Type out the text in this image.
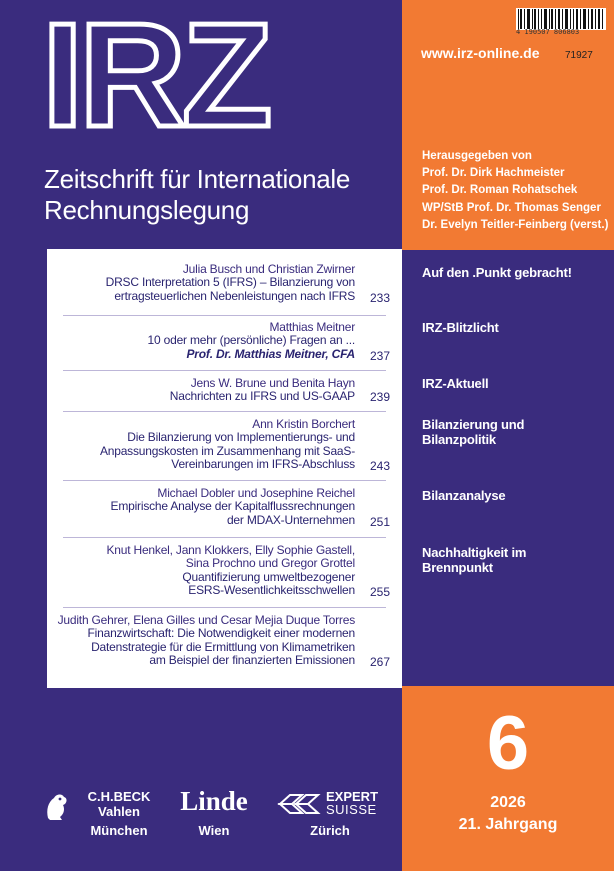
IRZ
Zeitschrift für Internationale
Rechnungslegung
4 190507 806803
www.irz-online.de	71927
Herausgegeben von
Prof. Dr. Dirk Hachmeister
Prof. Dr. Roman Rohatschek
WP/StB Prof. Dr. Thomas Senger
Dr. Evelyn Teitler-Feinberg (verst.)
Julia Busch und Christian Zwirner
DRSC Interpretation 5 (IFRS) – Bilanzierung von
ertragsteuerlichen Nebenleistungen nach IFRS 233
Matthias Meitner
10 oder mehr (persönliche) Fragen an ...
Prof. Dr. Matthias Meitner, CFA 237
Jens W. Brune und Benita Hayn
Nachrichten zu IFRS und US-GAAP 239
Ann Kristin Borchert
Die Bilanzierung von Implementierungs- und
Anpassungskosten im Zusammenhang mit SaaS-
Vereinbarungen im IFRS-Abschluss 243
Michael Dobler und Josephine Reichel
Empirische Analyse der Kapitalflussrechnungen
der MDAX-Unternehmen 251
Knut Henkel, Jann Klokkers, Elly Sophie Gastell,
Sina Prochno und Gregor Grottel
Quantifizierung umweltbezogener
ESRS-Wesentlichkeitsschwellen 255
Judith Gehrer, Elena Gilles und Cesar Mejia Duque Torres
Finanzwirtschaft: Die Notwendigkeit einer modernen
Datenstrategie für die Ermittlung von Klimametriken
am Beispiel der finanzierten Emissionen 267
Auf den .Punkt gebracht!
IRZ-Blitzlicht
IRZ-Aktuell
Bilanzierung und
Bilanzpolitik
Bilanzanalyse
Nachhaltigkeit im
Brennpunkt
6
2026
21. Jahrgang
C.H.BECK
Vahlen
München
Linde
Wien
EXPERT
SUISSE
Zürich
